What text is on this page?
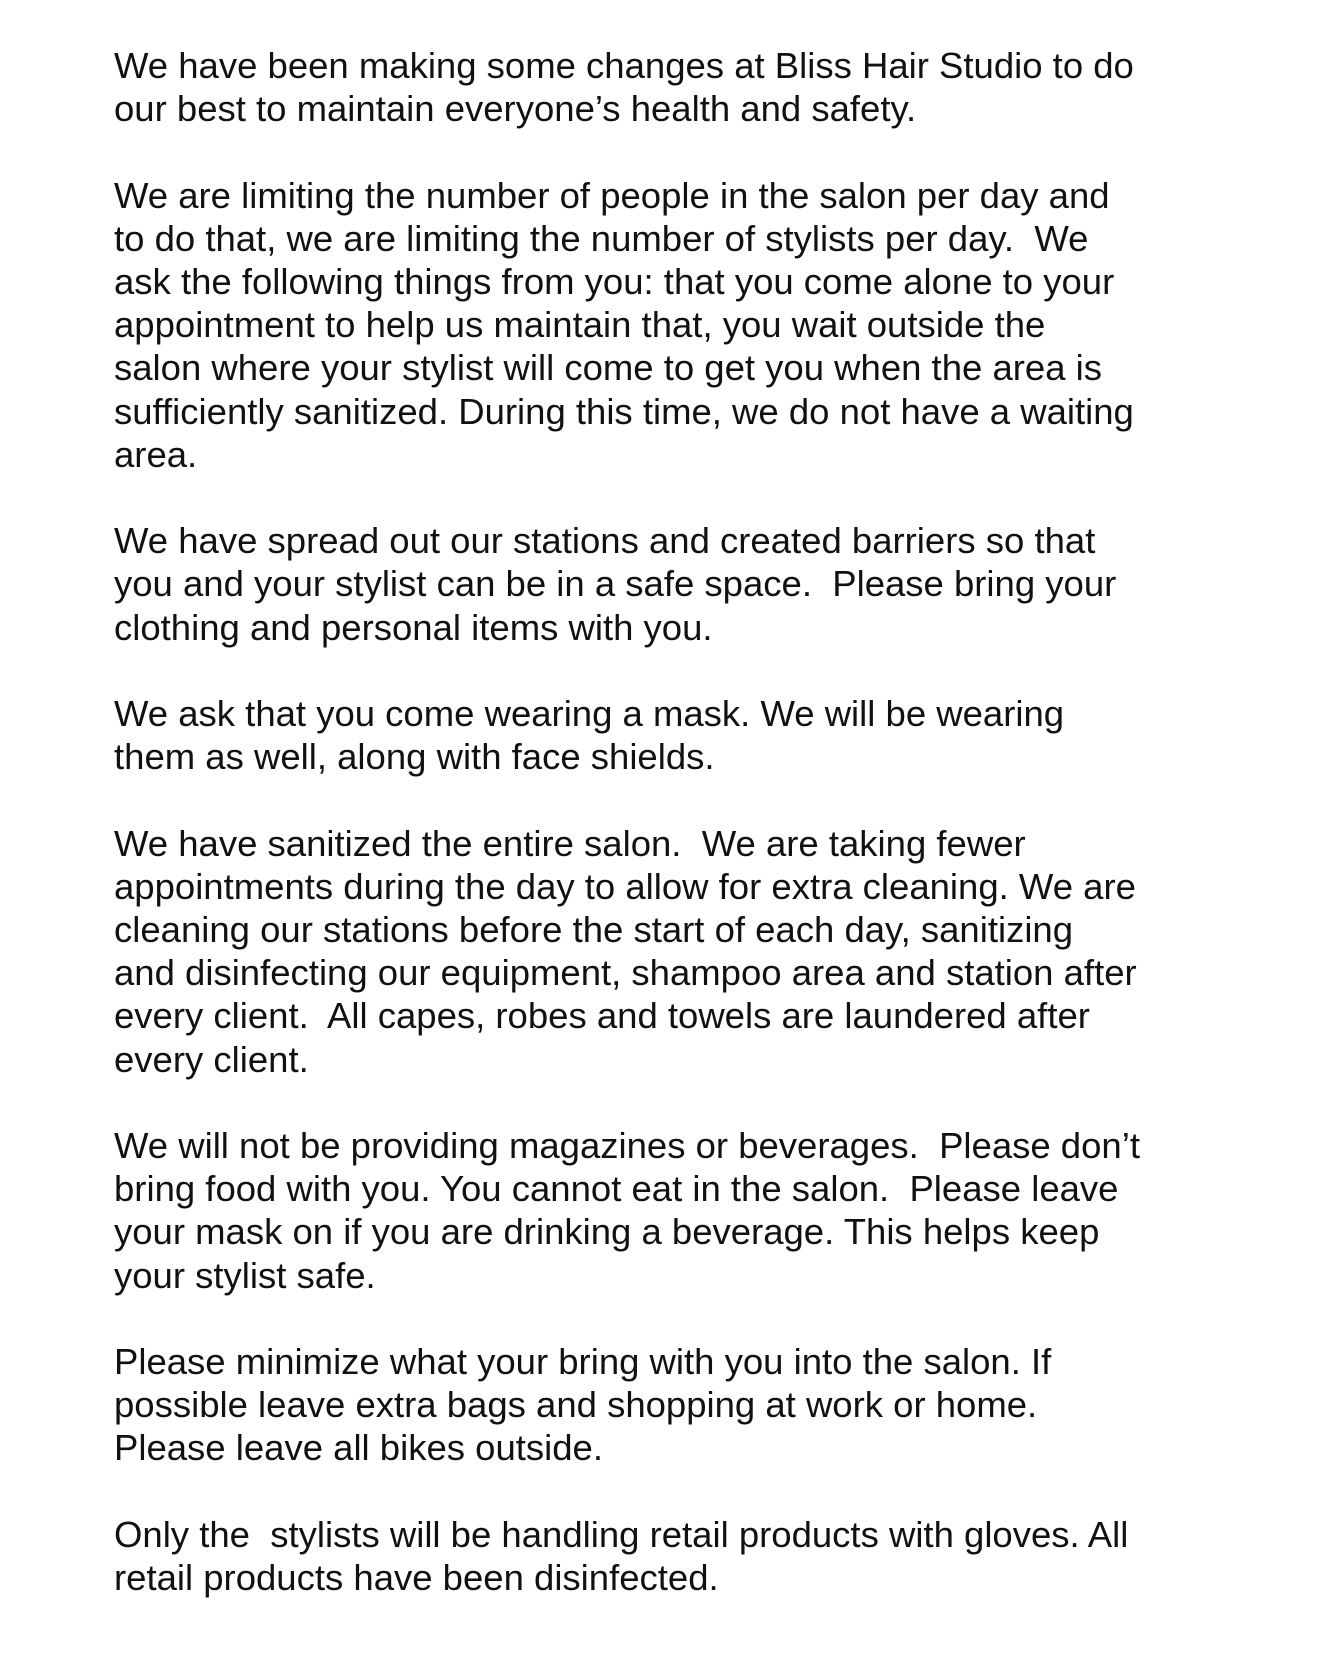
We have been making some changes at Bliss Hair Studio to do
our best to maintain everyone’s health and safety.

We are limiting the number of people in the salon per day and
to do that, we are limiting the number of stylists per day.  We
ask the following things from you: that you come alone to your
appointment to help us maintain that, you wait outside the
salon where your stylist will come to get you when the area is
sufficiently sanitized. During this time, we do not have a waiting
area.

We have spread out our stations and created barriers so that
you and your stylist can be in a safe space.  Please bring your
clothing and personal items with you.

We ask that you come wearing a mask. We will be wearing
them as well, along with face shields.

We have sanitized the entire salon.  We are taking fewer
appointments during the day to allow for extra cleaning. We are
cleaning our stations before the start of each day, sanitizing
and disinfecting our equipment, shampoo area and station after
every client.  All capes, robes and towels are laundered after
every client.

We will not be providing magazines or beverages.  Please don’t
bring food with you. You cannot eat in the salon.  Please leave
your mask on if you are drinking a beverage. This helps keep
your stylist safe.

Please minimize what your bring with you into the salon. If
possible leave extra bags and shopping at work or home.
Please leave all bikes outside.

Only the  stylists will be handling retail products with gloves. All
retail products have been disinfected.
